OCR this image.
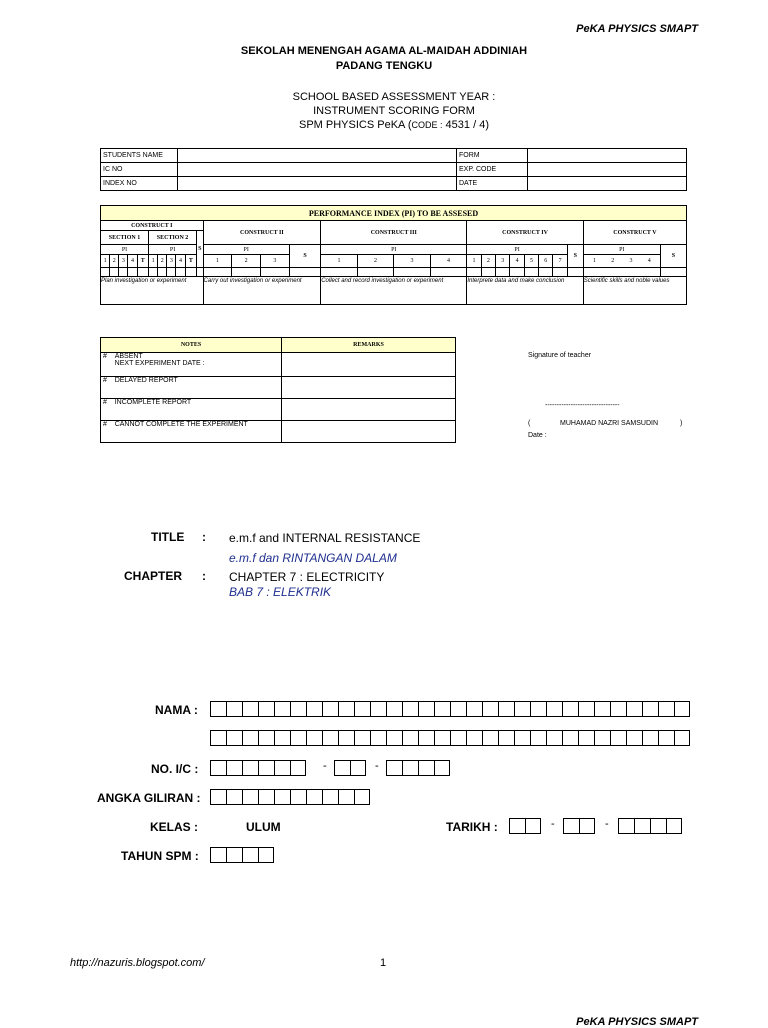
PeKA PHYSICS SMAPT
SEKOLAH MENENGAH AGAMA AL-MAIDAH ADDINIAH
PADANG TENGKU
SCHOOL BASED ASSESSMENT YEAR :
INSTRUMENT SCORING FORM
SPM PHYSICS PeKA (CODE : 4531 / 4)
STUDENTS NAME		FORM	
IC NO		EXP. CODE	
INDEX NO		DATE	
PERFORMANCE INDEX (PI) TO BE ASSESED																												
CONSTRUCT I											CONSTRUCT II				CONSTRUCT III				CONSTRUCT IV								CONSTRUCT V	
SECTION 1					SECTION 2					S																		
PI					PI						PI			S	PI				PI							S	PI	S
1	2	3	4	T	1	2	3	4	T		1	2	3		1	2	3	4	1	2	3	4	5	6	7		1 2 3 4	

Plan investigation or experiment											Carry out investigation or experiment				Collect and record investigation or experiment				Interprete data and make conclusion								Scientific skills and noble values	
NOTES	REMARKS
# ABSENT
NEXT EXPERIMENT DATE :	
# DELAYED REPORT	
# INCOMPLETE REPORT	
# CANNOT COMPLETE THE EXPERIMENT	
Signature of teacher
--------------------------------
(	MUHAMAD NAZRI SAMSUDIN	)
Date :
TITLE : e.m.f and INTERNAL RESISTANCE
e.m.f dan RINTANGAN DALAM
CHAPTER : CHAPTER 7 : ELECTRICITY
BAB 7 : ELEKTRIK
NAMA :
NO. I/C :	-	-
ANGKA GILIRAN :
KELAS :	ULUM	TARIKH :	-	-
TAHUN SPM :
http://nazuris.blogspot.com/	1
PeKA PHYSICS SMAPT
